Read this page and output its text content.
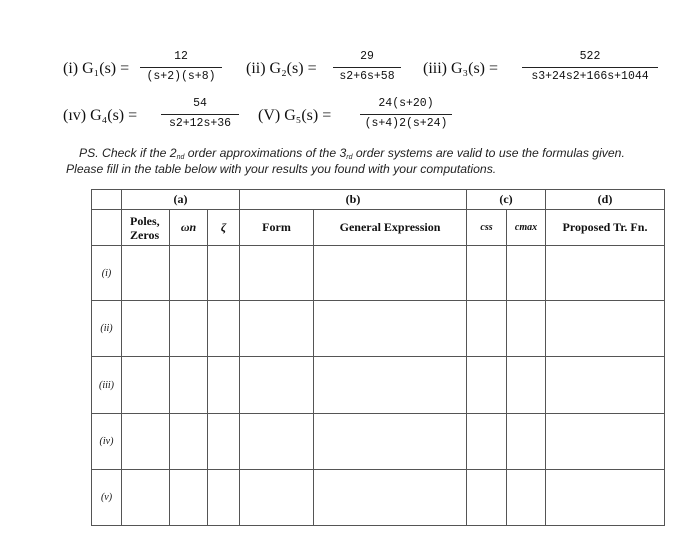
(i) G₁(s) =
12
(s+2)(s+8)	(ii) G₂(s) =
29
s2+6s+58	(iii) G₃(s) =
522
s3+24s2+166s+1044
(ıv) G₄(s) =
54
s2+12s+36	(V) G₅(s) =
24(s+20)
(s+4)2(s+24)
PS. Check if the $2_{nd}$ order approximations of the $3_{rd}$ order systems are valid to use the formulas given.
Please fill in the table below with your results you found with your computations.
	(a)			(b)		(c)		(d)
	Poles, Zeros	ωn	ζ	Form	General Expression	css	cmax	Proposed Tr. Fn.
(i)								
(ii)								
(iii)								
(iv)								
(v)								
